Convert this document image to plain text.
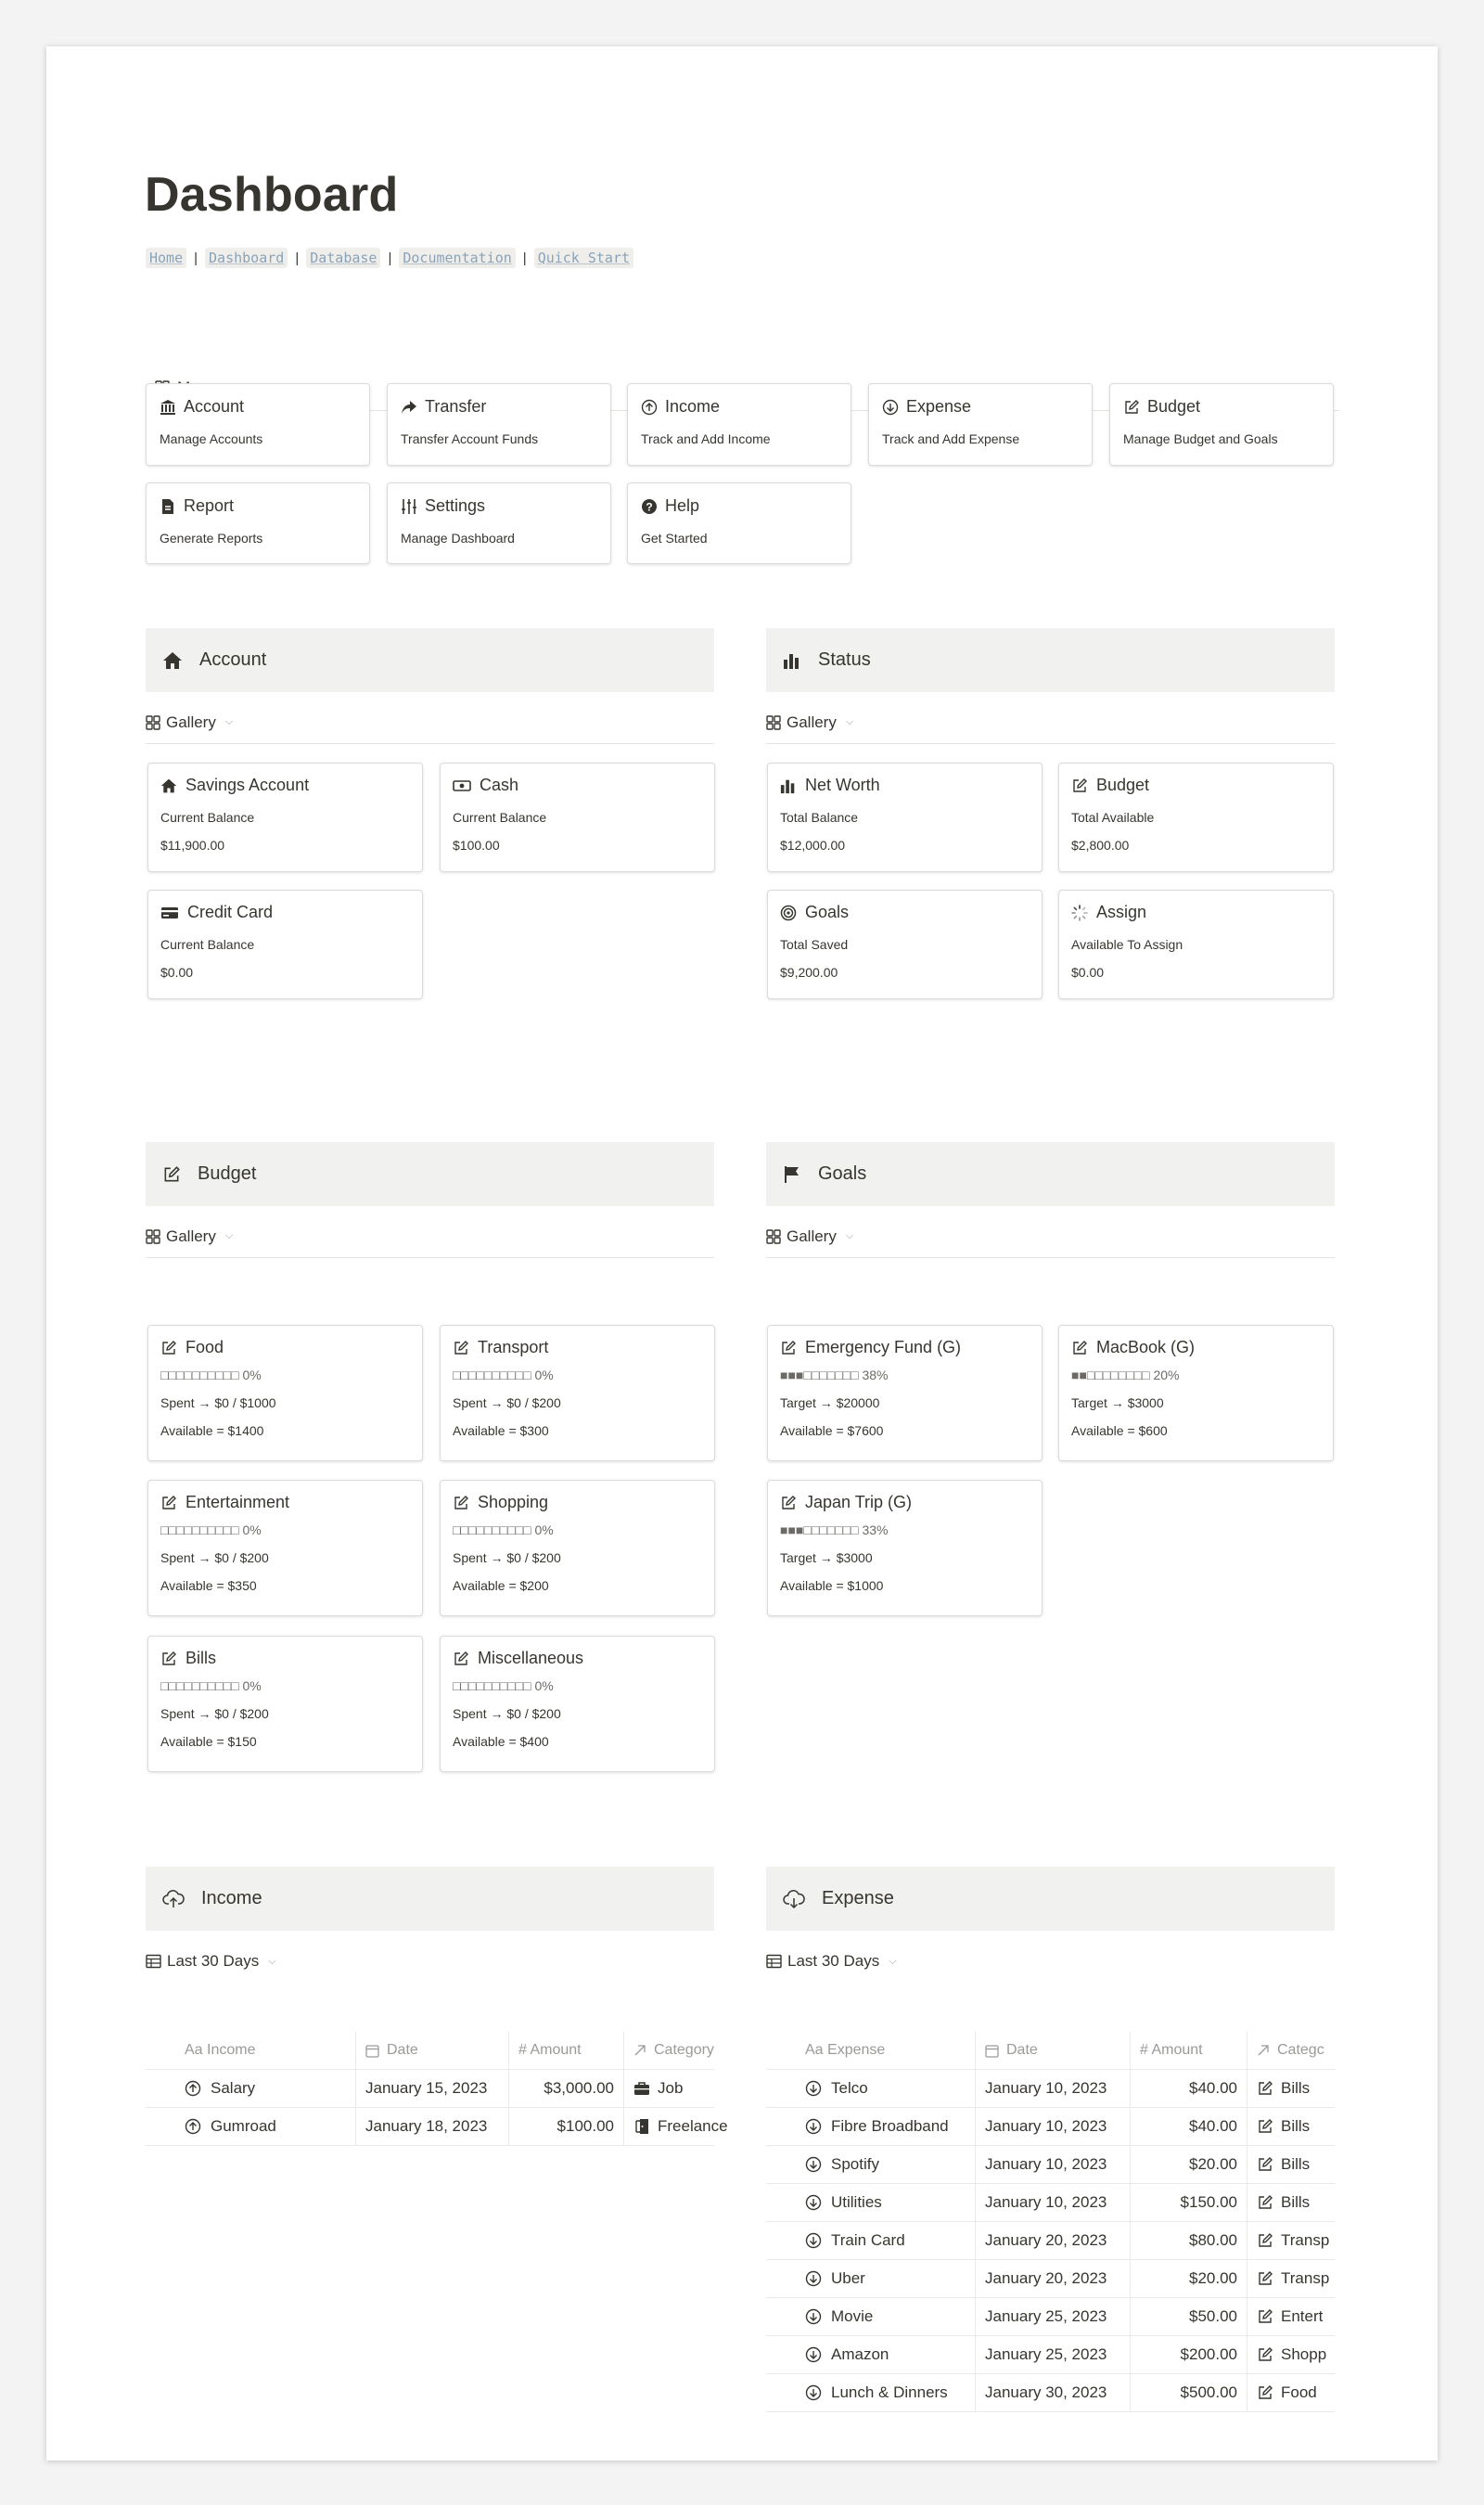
Dashboard
Home | Dashboard | Database | Documentation | Quick Start
Account
Manage Accounts
Transfer
Transfer Account Funds
Income
Track and Add Income
Expense
Track and Add Expense
Budget
Manage Budget and Goals
Report
Generate Reports
Settings
Manage Dashboard
? Help
Get Started
Account
Gallery ⌵
Savings Account
Current Balance
$11,900.00
Cash
Current Balance
$100.00
Credit Card
Current Balance
$0.00
Status
Gallery ⌵
Net Worth
Total Balance
$12,000.00
Budget
Total Available
$2,800.00
Goals
Total Saved
$9,200.00
Assign
Available To Assign
$0.00
Budget
Gallery ⌵
Food
□□□□□□□□□□ 0%
Spent → $0 / $1000
Available = $1400
Transport
□□□□□□□□□□ 0%
Spent → $0 / $200
Available = $300
Entertainment
□□□□□□□□□□ 0%
Spent → $0 / $200
Available = $350
Shopping
□□□□□□□□□□ 0%
Spent → $0 / $200
Available = $200
Bills
□□□□□□□□□□ 0%
Spent → $0 / $200
Available = $150
Miscellaneous
□□□□□□□□□□ 0%
Spent → $0 / $200
Available = $400
Goals
Gallery ⌵
Emergency Fund (G)
■■■□□□□□□□ 38%
Target → $20000
Available = $7600
MacBook (G)
■■□□□□□□□□ 20%
Target → $3000
Available = $600
Japan Trip (G)
■■■□□□□□□□ 33%
Target → $3000
Available = $1000
Income
Last 30 Days ⌵
Aa Income	Date	# Amount	Category
Salary	January 15, 2023	$3,000.00	Job
Gumroad	January 18, 2023	$100.00	Freelance
Expense
Last 30 Days ⌵
Aa Expense	Date	# Amount	Categc
Telco	January 10, 2023	$40.00	Bills
Fibre Broadband January 10, 2023	$40.00	Bills
Spotify	January 10, 2023	$20.00	Bills
Utilities	January 10, 2023	$150.00	Bills
Train Card	January 20, 2023	$80.00	Transp
Uber	January 20, 2023	$20.00	Transp
Movie	January 25, 2023	$50.00	Entert
Amazon	January 25, 2023	$200.00	Shopp
Lunch & Dinners January 30, 2023	$500.00	Food
